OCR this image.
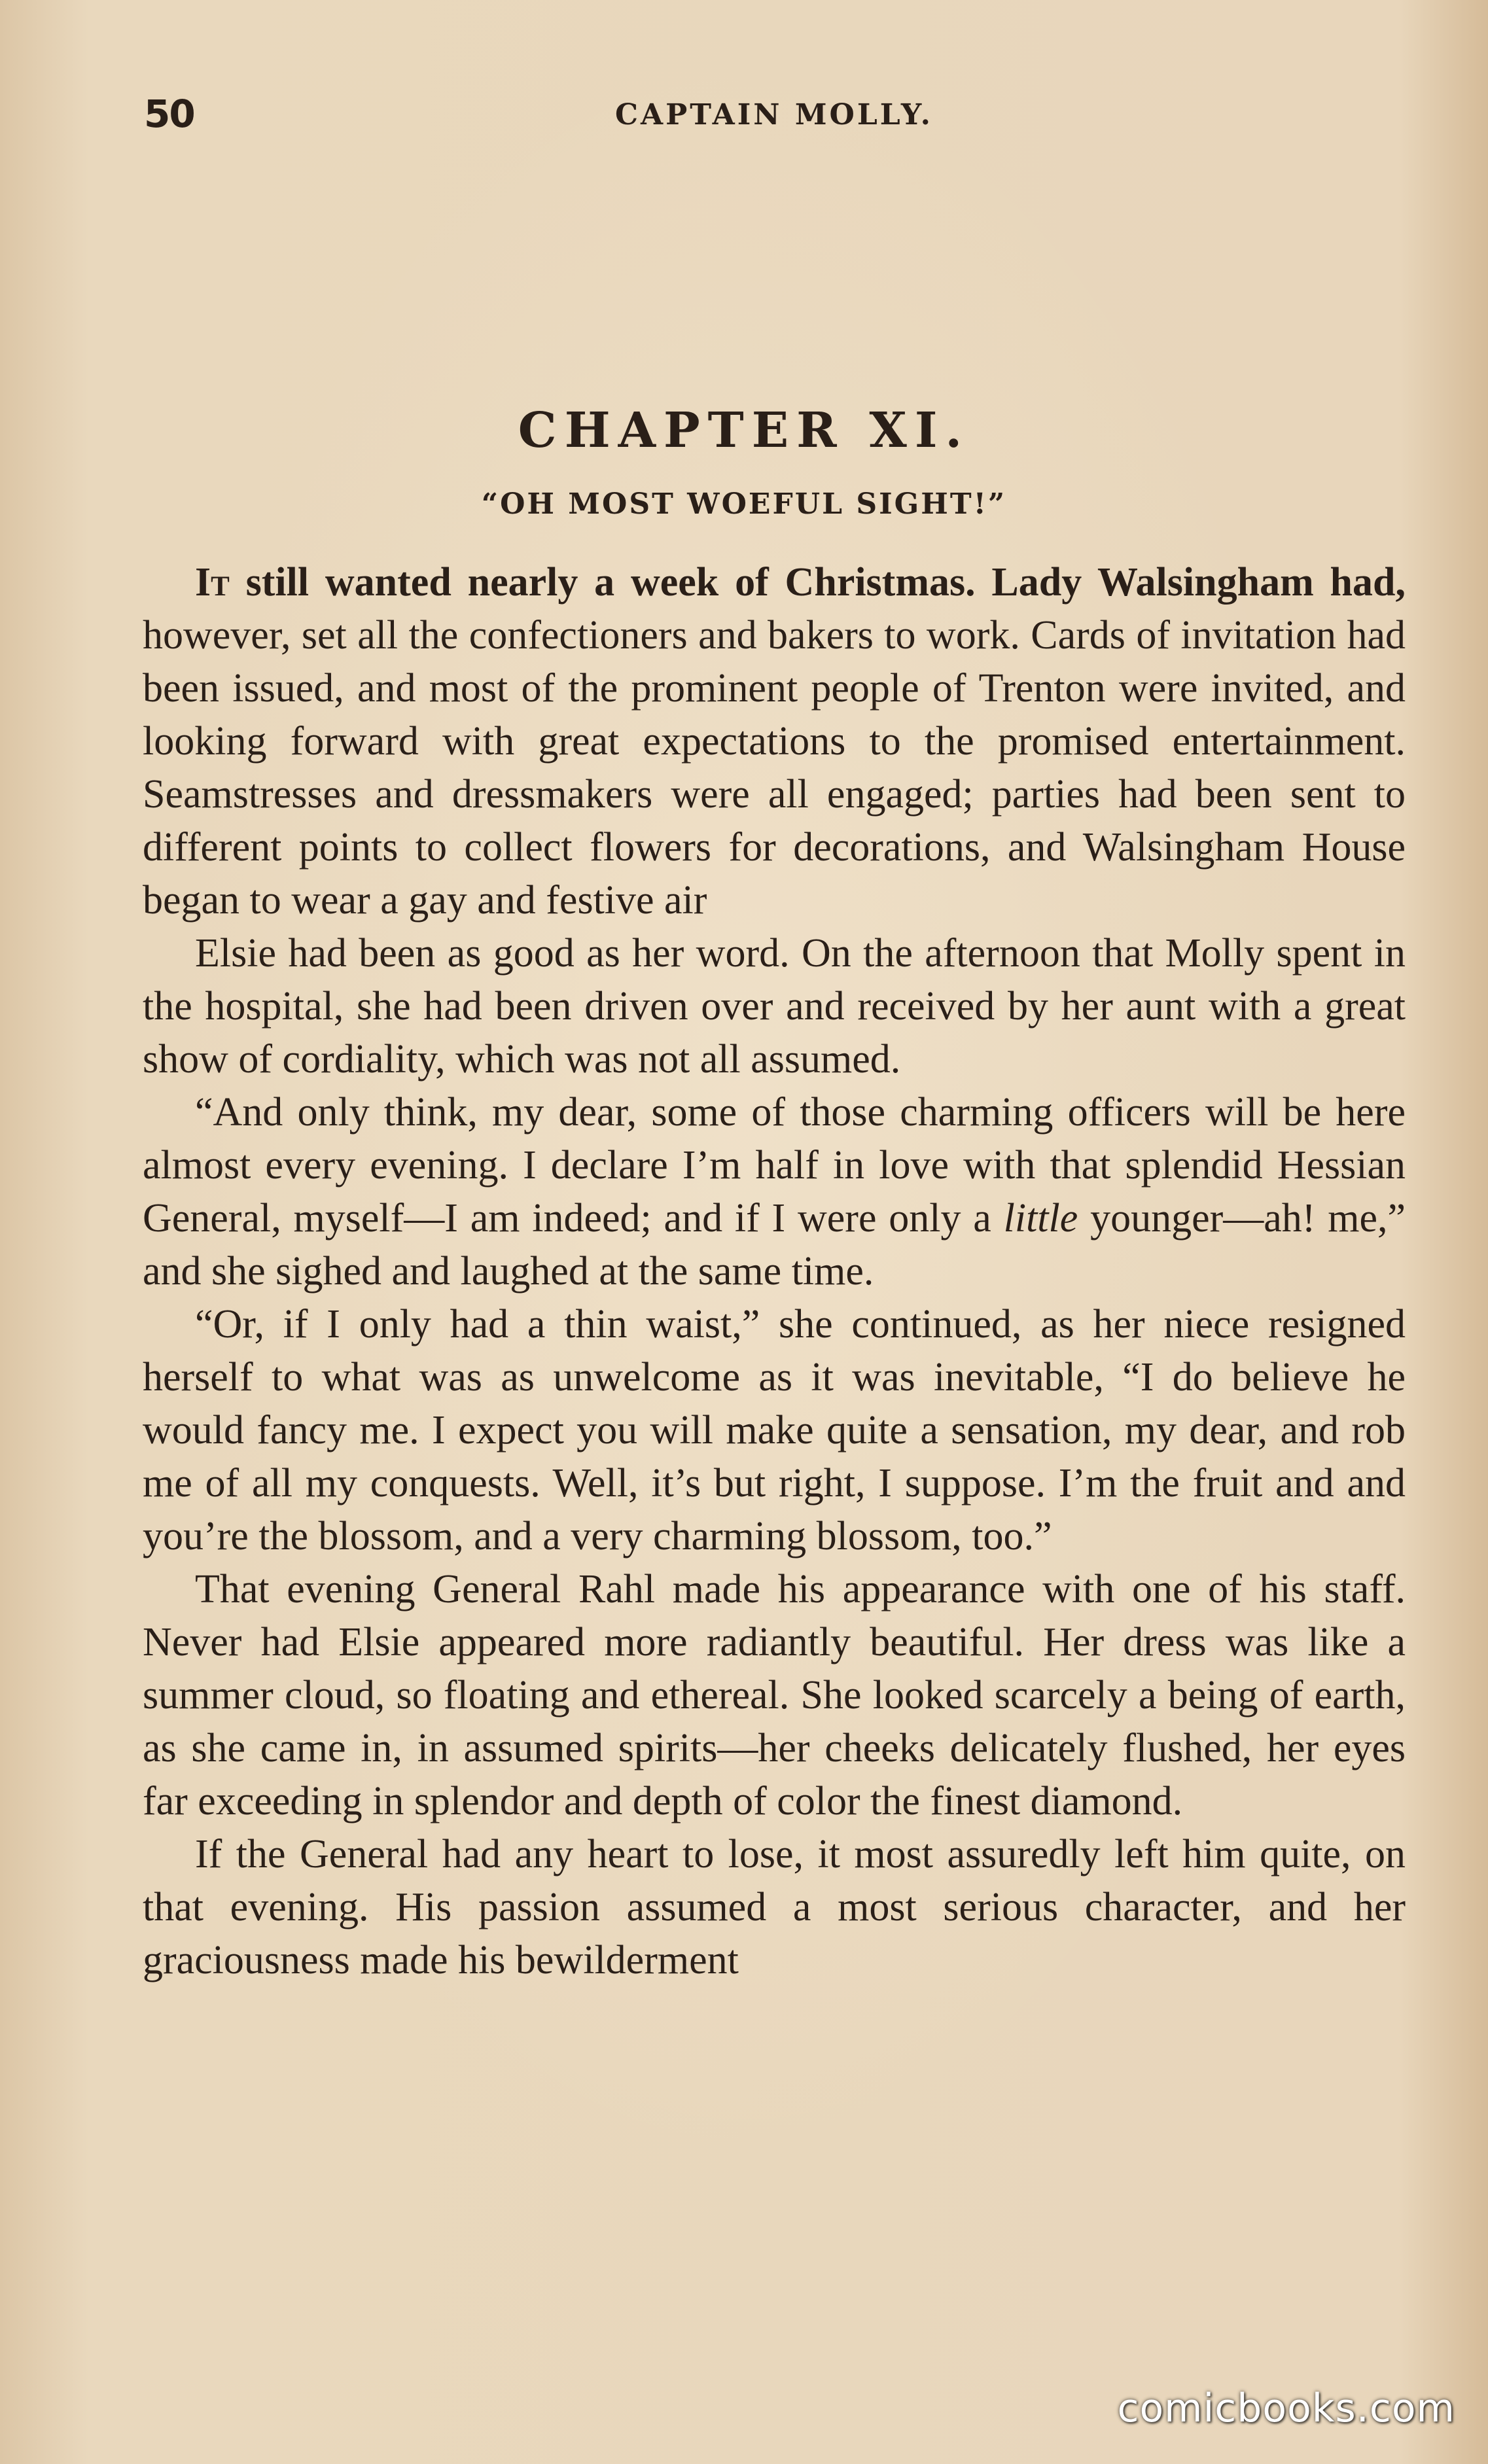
50	CAPTAIN MOLLY.
CHAPTER XI.
“OH MOST WOEFUL SIGHT!”

It still wanted nearly a week of Christmas. Lady Walsingham had, however, set all the confectioners and bakers to work. Cards of invitation had been issued, and most of the prominent people of Trenton were invited, and looking forward with great expectations to the promised entertainment. Seamstresses and dressmakers were all engaged; parties had been sent to different points to collect flowers for decorations, and Walsingham House began to wear a gay and festive air

Elsie had been as good as her word. On the afternoon that Molly spent in the hospital, she had been driven over and received by her aunt with a great show of cordiality, which was not all assumed.

“And only think, my dear, some of those charming officers will be here almost every evening. I declare I’m half in love with that splendid Hessian General, myself—I am indeed; and if I were only a little younger—ah! me,” and she sighed and laughed at the same time.

“Or, if I only had a thin waist,” she continued, as her niece resigned herself to what was as unwelcome as it was inevitable, “I do believe he would fancy me. I expect you will make quite a sensation, my dear, and rob me of all my conquests. Well, it’s but right, I suppose. I’m the fruit and and you’re the blossom, and a very charming blossom, too.”

That evening General Rahl made his appearance with one of his staff. Never had Elsie appeared more radiantly beautiful. Her dress was like a summer cloud, so floating and ethereal. She looked scarcely a being of earth, as she came in, in assumed spirits—her cheeks delicately flushed, her eyes far exceeding in splendor and depth of color the finest diamond.

If the General had any heart to lose, it most assuredly left him quite, on that evening. His passion assumed a most serious character, and her graciousness made his bewilderment

comicbooks.com
